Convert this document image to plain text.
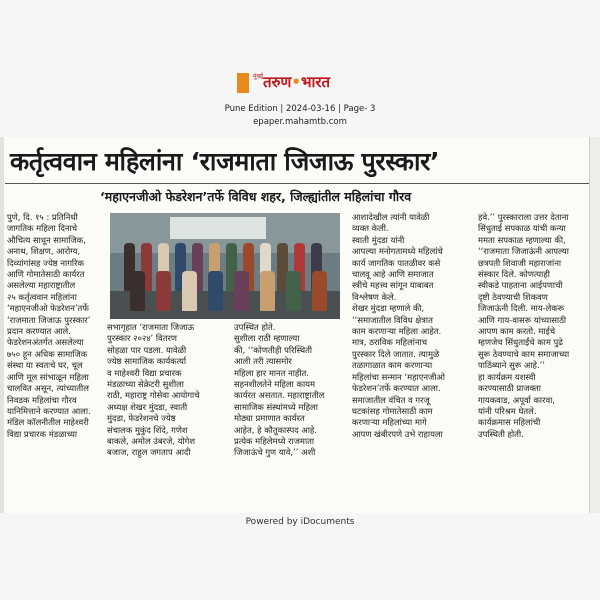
मुंबई तरुण•भारत
Pune Edition | 2024-03-16 | Page- 3
epaper.mahamtb.com
कर्तृत्ववान महिलांना ‘राजमाता जिजाऊ पुरस्कार’
‘महाएनजीओ फेडरेशन’तर्फे विविध शहर, जिल्ह्यांतील महिलांचा गौरव

पुणे, दि. १५ : प्रतिनिधी

जागतिक महिला दिनाचे

औचित्य साधून सामाजिक,

अनाथ, शिक्षण, आरोग्य,

दिव्यांगांसह ज्येष्ठ नागरिक

आणि गोमातेसाठी कार्यरत

असलेल्या महाराष्ट्रातील

२५ कर्तृत्ववान महिलांना

‘महाएनजीओ फेडरेशन’तर्फे

‘राजमाता जिजाऊ पुरस्कार’

प्रदान करण्यात आले.

फेडरेशनअंतर्गत असलेल्या

७५० हून अधिक सामाजिक

संस्था या स्वतःचे घर, चूल

आणि मूल सांभाळून महिला

चालवित असून, त्यांच्यातील

निवडक महिलांचा गौरव

यानिमित्ताने करण्यात आला.

मंडिल कॉलनीतील माहेश्वरी

विद्या प्रचारक मंडळाच्या

सभागृहात ‘राजमाता जिजाऊ

पुरस्कार २०२४’ वितरण

सोहळा पार पडला. यावेळी

ज्येष्ठ सामाजिक कार्यकर्त्या

व माहेश्वरी विद्या प्रचारक

मंडळाच्या सेक्रेटरी सुशीला

राठी, महाराष्ट्र गोसेवा आयोगाचे

अध्यक्ष शेखर मुंदडा, स्वाती

मुंदडा, फेडरेशनचे ज्येष्ठ

संचालक मुकुंद शिंदे, गणेश

बाकले, अमोल उंबरजे, योगेश

बजाज, राहुल जगताप आदी

उपस्थित होते.

सुशीला राठी म्हणाल्या

की, ‘‘कोणतीही परिस्थिती

आली तरी त्यासमोर

महिला हार मानत नाहीत.

सहनशीलतेने महिला कायम

कार्यरत असतात. महाराष्ट्रातील

सामाजिक संस्थांमध्ये महिला

मोठ्या प्रमाणात कार्यरत

आहेत, हे कौतुकास्पद आहे.

प्रत्येक महिलेमध्ये राजमाता

जिजाऊंचे गुण यावे,’’ अशी

आशादेखील त्यांनी यावेळी

व्यक्त केली.

स्वाती मुंदडा यांनी

आपल्या मनोगतामध्ये महिलांचे

कार्य जागतिक पातळीवर कसे

चालवू आहे आणि समाजात

स्त्रीचे महत्त्व सांगून याबाबत

विश्लेषण केले.

शेखर मुंदडा म्हणाले की,

‘‘समाजातील विविध क्षेत्रात

काम करणाऱ्या महिला आहेत.

मात्र, ठराविक महिलांनाच

पुरस्कार दिले जातात. त्यामुळे

तळागाळात काम करणाऱ्या

महिलांचा सन्मान ‘महाएनजीओ

फेडरेशन’तर्फे करण्यात आला.

समाजातील वंचित व गरजू

घटकांसह गोमातेसाठी काम

करणाऱ्या महिलांच्या मागे

आपण खंबीरपणे उभे राहायला

हवे.’’ पुरस्काराला उत्तर देताना

सिंधुताई सपकाळ यांची कन्या

ममता सपकाळ म्हणाल्या की,

‘‘राजमाता जिजाऊंनी आपल्या

छत्रपती शिवाजी महाराजांना

संस्कार दिले. कोणत्याही

स्वीकडे पाहताना आईपणाची

दृष्टी ठेवण्याची शिकवण

जिजाऊंनी दिली. माय-लेकरू

आणि गाय-वासरू यांच्यासाठी

आपण काम करतो. माईचे

म्हणजेच सिंधुताईंचे काम पुढे

सुरू ठेवण्याचे काम समाजाच्या

पाठिंब्याने सुरू आहे.’’

हा कार्यक्रम यशस्वी

करण्यासाठी प्राजक्ता

गायकवाड, अपूर्वा कारवा,

यांनी परिश्रम घेतले.

कार्यक्रमास महिलांची

उपस्थिती होती.

Powered by iDocuments
